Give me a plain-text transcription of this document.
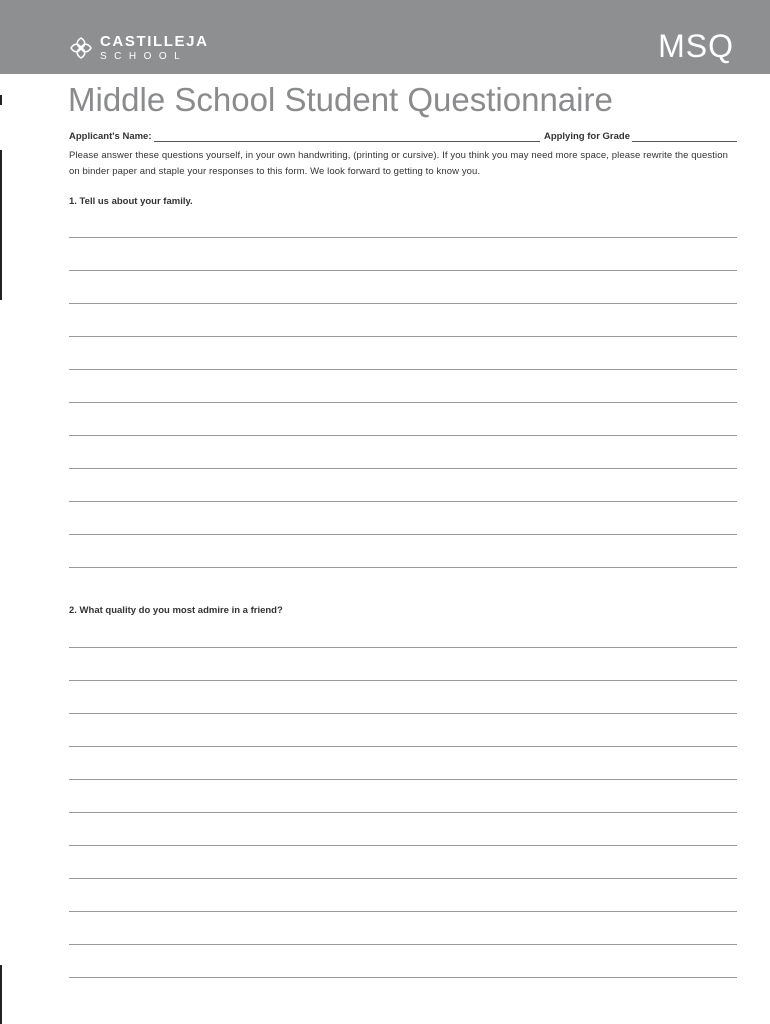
CASTILLEJA
SCHOOL	MSQ
Middle School Student Questionnaire
Applicant's Name:	Applying for Grade

Please answer these questions yourself, in your own handwriting, (printing or cursive). If you think you may need more space, please rewrite the question on binder paper and staple your responses to this form. We look forward to getting to know you.

1. Tell us about your family.

2. What quality do you most admire in a friend?
